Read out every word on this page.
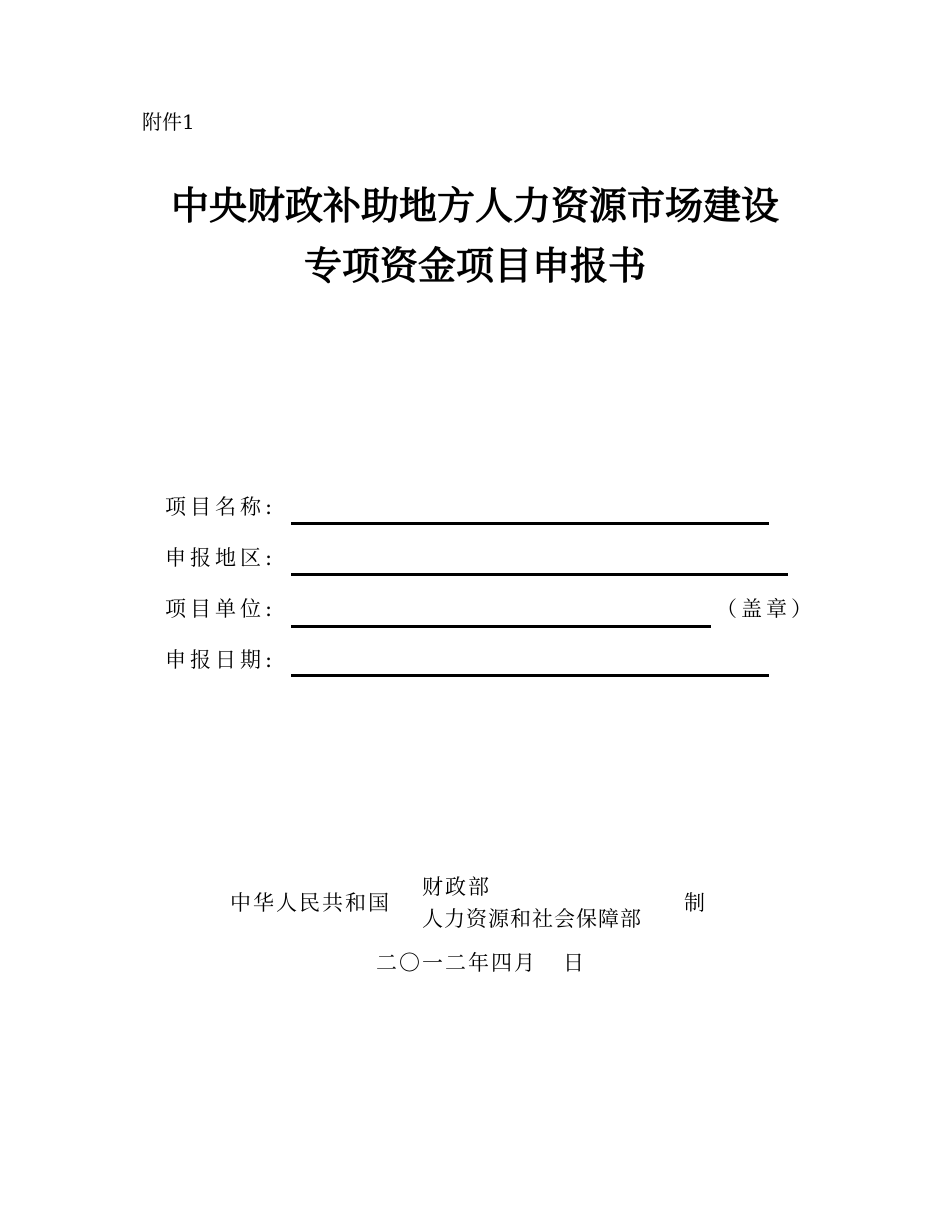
附件1
中央财政补助地方人力资源市场建设
专项资金项目申报书
项目名称:
申报地区:
项目单位:	（盖章）
申报日期:
中华人民共和国
财政部
人力资源和社会保障部
制
二〇一二年四月   日
